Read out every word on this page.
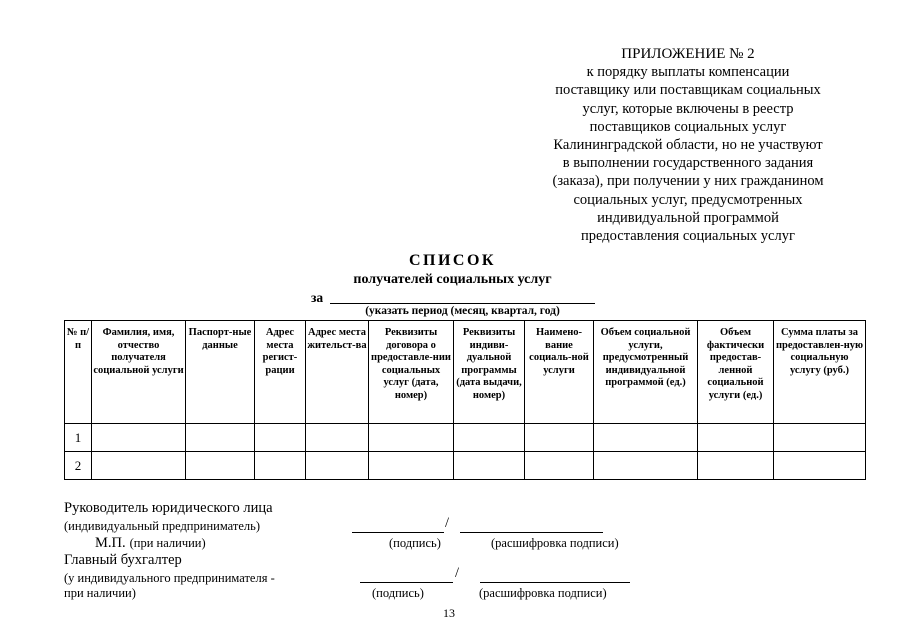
ПРИЛОЖЕНИЕ № 2
к порядку выплаты компенсации
поставщику или поставщикам социальных
услуг, которые включены в реестр
поставщиков социальных услуг
Калининградской области, но не участвуют
в выполнении государственного задания
(заказа), при получении у них гражданином
социальных услуг, предусмотренных
индивидуальной программой
предоставления социальных услуг
СПИСОК
получателей социальных услуг
за
(указать период (месяц, квартал, год)
№ п/п	Фамилия, имя, отчество получателя социальной услуги	Паспорт-ные данные	Адрес места регист-рации	Адрес места жительст-ва	Реквизиты договора о предоставле-нии социальных услуг (дата, номер)	Реквизиты индиви-дуальной программы (дата выдачи, номер)	Наимено-вание социаль-ной услуги	Объем социальной услуги, предусмотренный индивидуальной программой (ед.)	Объем фактически предостав-ленной социальной услуги (ед.)	Сумма платы за предоставлен-ную социальную услугу (руб.)

1										
2										
Руководитель юридического лица
(индивидуальный предприниматель)
М.П. (при наличии)
/
(подпись)	(расшифровка подписи)
Главный бухгалтер
(у индивидуального предпринимателя -
при наличии)
/
(подпись)	(расшифровка подписи)
13
